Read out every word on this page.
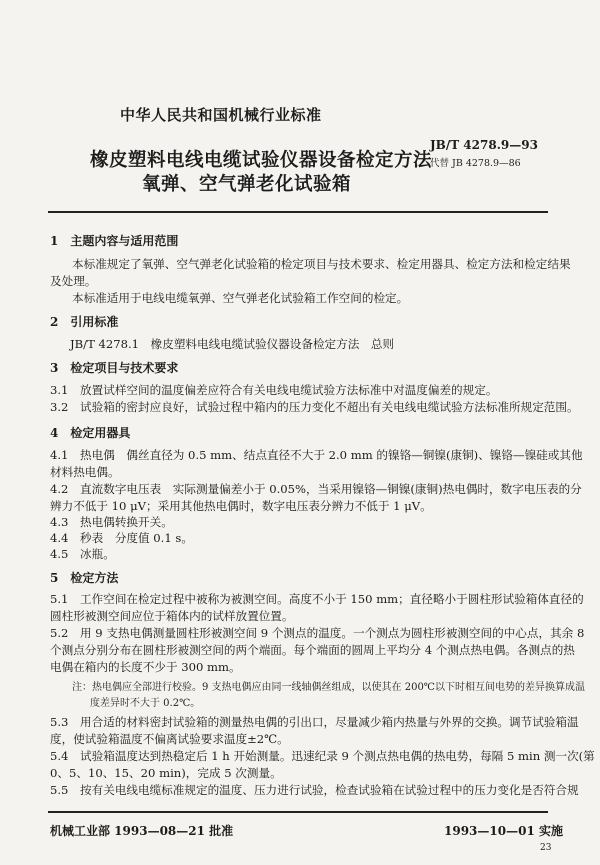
中华人民共和国机械行业标准
橡皮塑料电线电缆试验仪器设备检定方法
氧弹、空气弹老化试验箱
JB/T 4278.9—93
代替 JB 4278.9—86
1　主题内容与适用范围
本标准规定了氧弹、空气弹老化试验箱的检定项目与技术要求、检定用器具、检定方法和检定结果
及处理。
本标准适用于电线电缆氧弹、空气弹老化试验箱工作空间的检定。
2　引用标准
JB/T 4278.1　橡皮塑料电线电缆试验仪器设备检定方法　总则
3　检定项目与技术要求
3.1　放置试样空间的温度偏差应符合有关电线电缆试验方法标准中对温度偏差的规定。
3.2　试验箱的密封应良好，试验过程中箱内的压力变化不超出有关电线电缆试验方法标准所规定范围。
4　检定用器具
4.1　热电偶　偶丝直径为 0.5 mm、结点直径不大于 2.0 mm 的镍铬—铜镍(康铜)、镍铬—镍硅或其他
材料热电偶。
4.2　直流数字电压表　实际测量偏差小于 0.05%，当采用镍铬—铜镍(康铜)热电偶时，数字电压表的分
辨力不低于 10 μV；采用其他热电偶时，数字电压表分辨力不低于 1 μV。
4.3　热电偶转换开关。
4.4　秒表　分度值 0.1 s。
4.5　冰瓶。
5　检定方法
5.1　工作空间在检定过程中被称为被测空间。高度不小于 150 mm；直径略小于圆柱形试验箱体直径的
圆柱形被测空间应位于箱体内的试样放置位置。
5.2　用 9 支热电偶测量圆柱形被测空间 9 个测点的温度。一个测点为圆柱形被测空间的中心点，其余 8
个测点分别分布在圆柱形被测空间的两个端面。每个端面的圆周上平均分 4 个测点热电偶。各测点的热
电偶在箱内的长度不少于 300 mm。
注：热电偶应全部进行校验。9 支热电偶应由同一线轴偶丝组成，以使其在 200℃以下时相互间电势的差异换算成温
度差异时不大于 0.2℃。
5.3　用合适的材料密封试验箱的测量热电偶的引出口，尽量减少箱内热量与外界的交换。调节试验箱温
度，使试验箱温度不偏离试验要求温度±2℃。
5.4　试验箱温度达到热稳定后 1 h 开始测量。迅速纪录 9 个测点热电偶的热电势，每隔 5 min 测一次(第
0、5、10、15、20 min)，完成 5 次测量。
5.5　按有关电线电缆标准规定的温度、压力进行试验，检查试验箱在试验过程中的压力变化是否符合规
机械工业部 1993—08—21 批准	1993—10—01 实施
23
